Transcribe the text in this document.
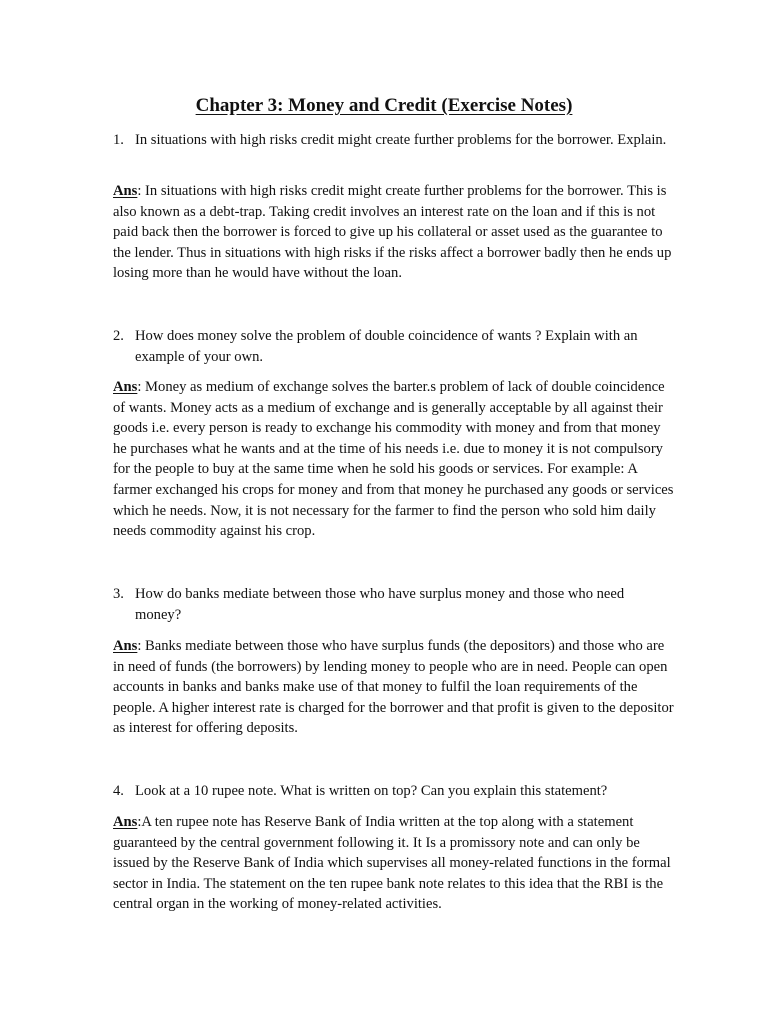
Chapter 3: Money and Credit (Exercise Notes)
1. In situations with high risks credit might create further problems for the borrower. Explain.
Ans: In situations with high risks credit might create further problems for the borrower. This is also known as a debt-trap. Taking credit involves an interest rate on the loan and if this is not paid back then the borrower is forced to give up his collateral or asset used as the guarantee to the lender. Thus in situations with high risks if the risks affect a borrower badly then he ends up losing more than he would have without the loan.
2. How does money solve the problem of double coincidence of wants ? Explain with an example of your own.
Ans: Money as medium of exchange solves the barter.s problem of lack of double coincidence of wants. Money acts as a medium of exchange and is generally acceptable by all against their goods i.e. every person is ready to exchange his commodity with money and from that money he purchases what he wants and at the time of his needs i.e. due to money it is not compulsory for the people to buy at the same time when he sold his goods or services. For example: A farmer exchanged his crops for money and from that money he purchased any goods or services which he needs. Now, it is not necessary for the farmer to find the person who sold him daily needs commodity against his crop.
3. How do banks mediate between those who have surplus money and those who need money?
Ans: Banks mediate between those who have surplus funds (the depositors) and those who are in need of funds (the borrowers) by lending money to people who are in need. People can open accounts in banks and banks make use of that money to fulfil the loan requirements of the people. A higher interest rate is charged for the borrower and that profit is given to the depositor as interest for offering deposits.
4. Look at a 10 rupee note. What is written on top? Can you explain this statement?
Ans:A ten rupee note has Reserve Bank of India written at the top along with a statement guaranteed by the central government following it. It Is a promissory note and can only be issued by the Reserve Bank of India which supervises all money-related functions in the formal sector in India. The statement on the ten rupee bank note relates to this idea that the RBI is the central organ in the working of money-related activities.
